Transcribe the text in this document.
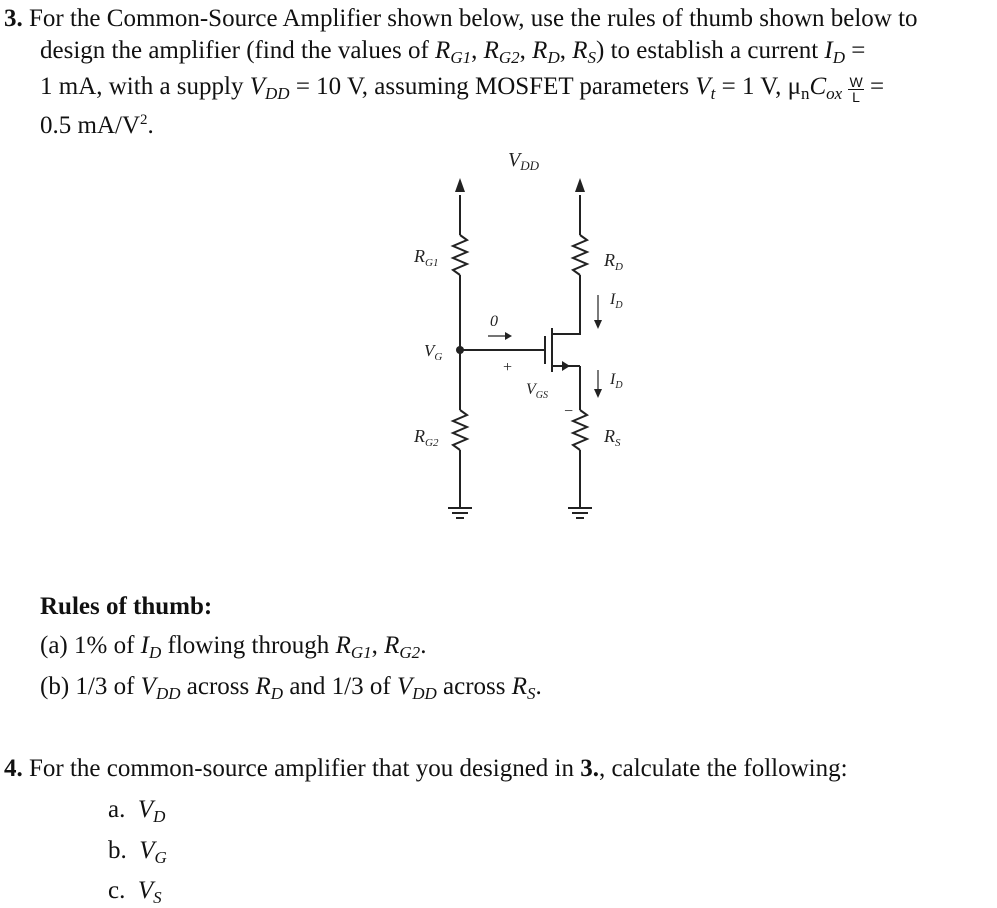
3. For the Common-Source Amplifier shown below, use the rules of thumb shown below to
design the amplifier (find the values of $R_{G1}$, $R_{G2}$, $R_D$, $R_S$) to establish a current $I_D$ =
1 mA, with a supply $V_{DD} = 10$ V, assuming MOSFET parameters $V_t = 1$ V, $\mu_nC_{ox} \frac{W}{L}$ =
0.5 $mA/V^2$.
$V_{DD}$
$R_{G1}$	$R_D$
$I_D$
0
$V_G$
+
$I_D$
$V_{GS}$
−
$R_{G2}$	$R_S$
Rules of thumb:
(a) 1% of $I_D$ flowing through $R_{G1}$, $R_{G2}$.
(b) 1/3 of $V_{DD}$ across $R_D$ and 1/3 of $V_{DD}$ across $R_S$.
4. For the common-source amplifier that you designed in 3., calculate the following:
a. $V_D$
b. $V_G$
c. $V_S$
